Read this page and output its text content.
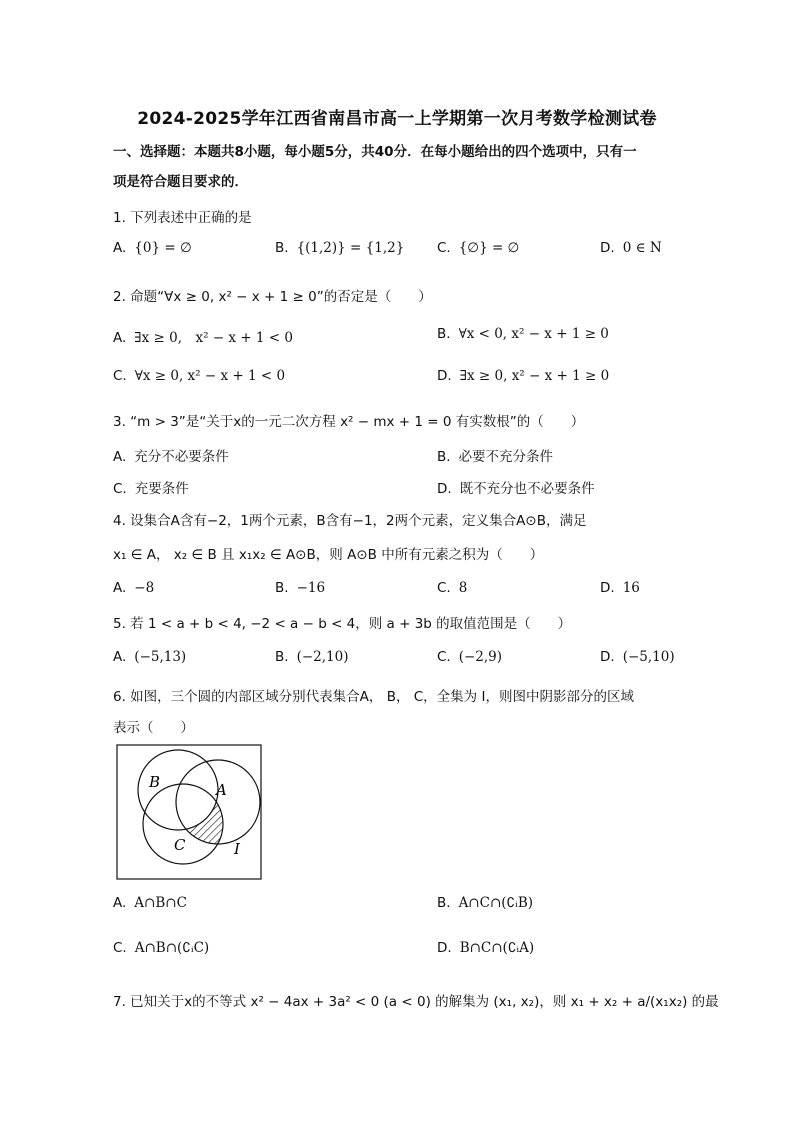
2024-2025学年江西省南昌市高一上学期第一次月考数学检测试卷
一、选择题：本题共8小题，每小题5分，共40分．在每小题给出的四个选项中，只有一
项是符合题目要求的．
1. 下列表述中正确的是
A. {0} = ∅	B. {(1,2)} = {1,2} C. {∅} = ∅	D. 0 ∈ N
2. 命题“∀x ≥ 0, x² − x + 1 ≥ 0”的否定是（　　）
A. ∃x ≥ 0,　x² − x + 1 < 0	B. ∀x < 0, x² − x + 1 ≥ 0
C. ∀x ≥ 0, x² − x + 1 < 0	D. ∃x ≥ 0, x² − x + 1 ≥ 0
3. “m > 3”是“关于x的一元二次方程 x² − mx + 1 = 0 有实数根”的（　　）
A. 充分不必要条件	B. 必要不充分条件
C. 充要条件	D. 既不充分也不必要条件
4. 设集合A含有−2，1两个元素，B含有−1，2两个元素，定义集合A⊙B，满足
x₁ ∈ A， x₂ ∈ B 且 x₁x₂ ∈ A⊙B，则 A⊙B 中所有元素之积为（　　）
A. −8	B. −16	C. 8	D. 16
5. 若 1 < a + b < 4, −2 < a − b < 4，则 a + 3b 的取值范围是（　　）
A. (−5,13)	B. (−2,10)	C. (−2,9)	D. (−5,10)
6. 如图，三个圆的内部区域分别代表集合A， B， C，全集为 I，则图中阴影部分的区域
表示（　　）
B	A
C	I
A. A∩B∩C	B. A∩C∩(∁ᵢB)
C. A∩B∩(∁ᵢC)	D. B∩C∩(∁ᵢA)
7. 已知关于x的不等式 x² − 4ax + 3a² < 0 (a < 0) 的解集为 (x₁, x₂)，则 x₁ + x₂ + a/(x₁x₂) 的最
